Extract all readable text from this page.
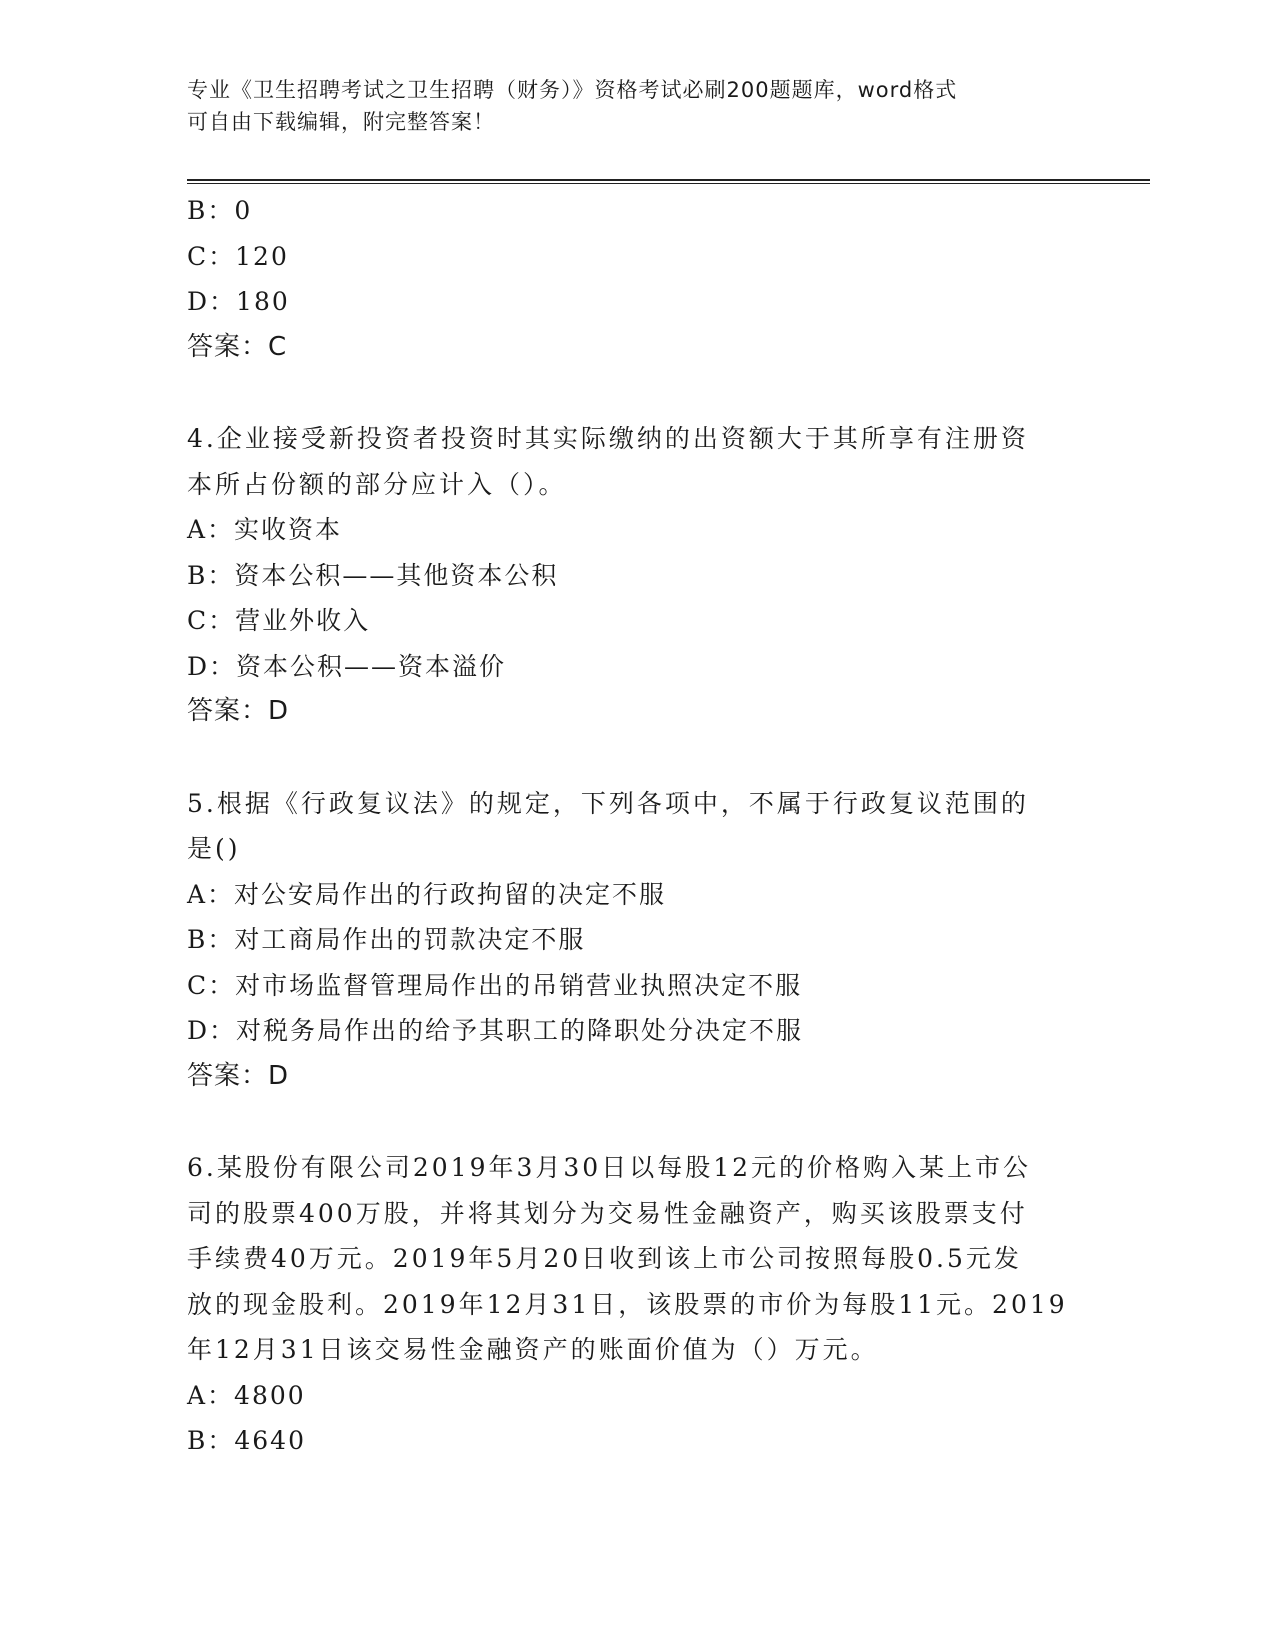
专业《卫生招聘考试之卫生招聘（财务）》资格考试必刷200题题库，word格式
可自由下载编辑，附完整答案！
B：0
C：120
D：180
答案：C
4.企业接受新投资者投资时其实际缴纳的出资额大于其所享有注册资
本所占份额的部分应计入（）。
A：实收资本
B：资本公积——其他资本公积
C：营业外收入
D：资本公积——资本溢价
答案：D
5.根据《行政复议法》的规定，下列各项中，不属于行政复议范围的
是()
A：对公安局作出的行政拘留的决定不服
B：对工商局作出的罚款决定不服
C：对市场监督管理局作出的吊销营业执照决定不服
D：对税务局作出的给予其职工的降职处分决定不服
答案：D
6.某股份有限公司2019年3月30日以每股12元的价格购入某上市公
司的股票400万股，并将其划分为交易性金融资产，购买该股票支付
手续费40万元。2019年5月20日收到该上市公司按照每股0.5元发
放的现金股利。2019年12月31日，该股票的市价为每股11元。2019
年12月31日该交易性金融资产的账面价值为（）万元。
A：4800
B：4640
